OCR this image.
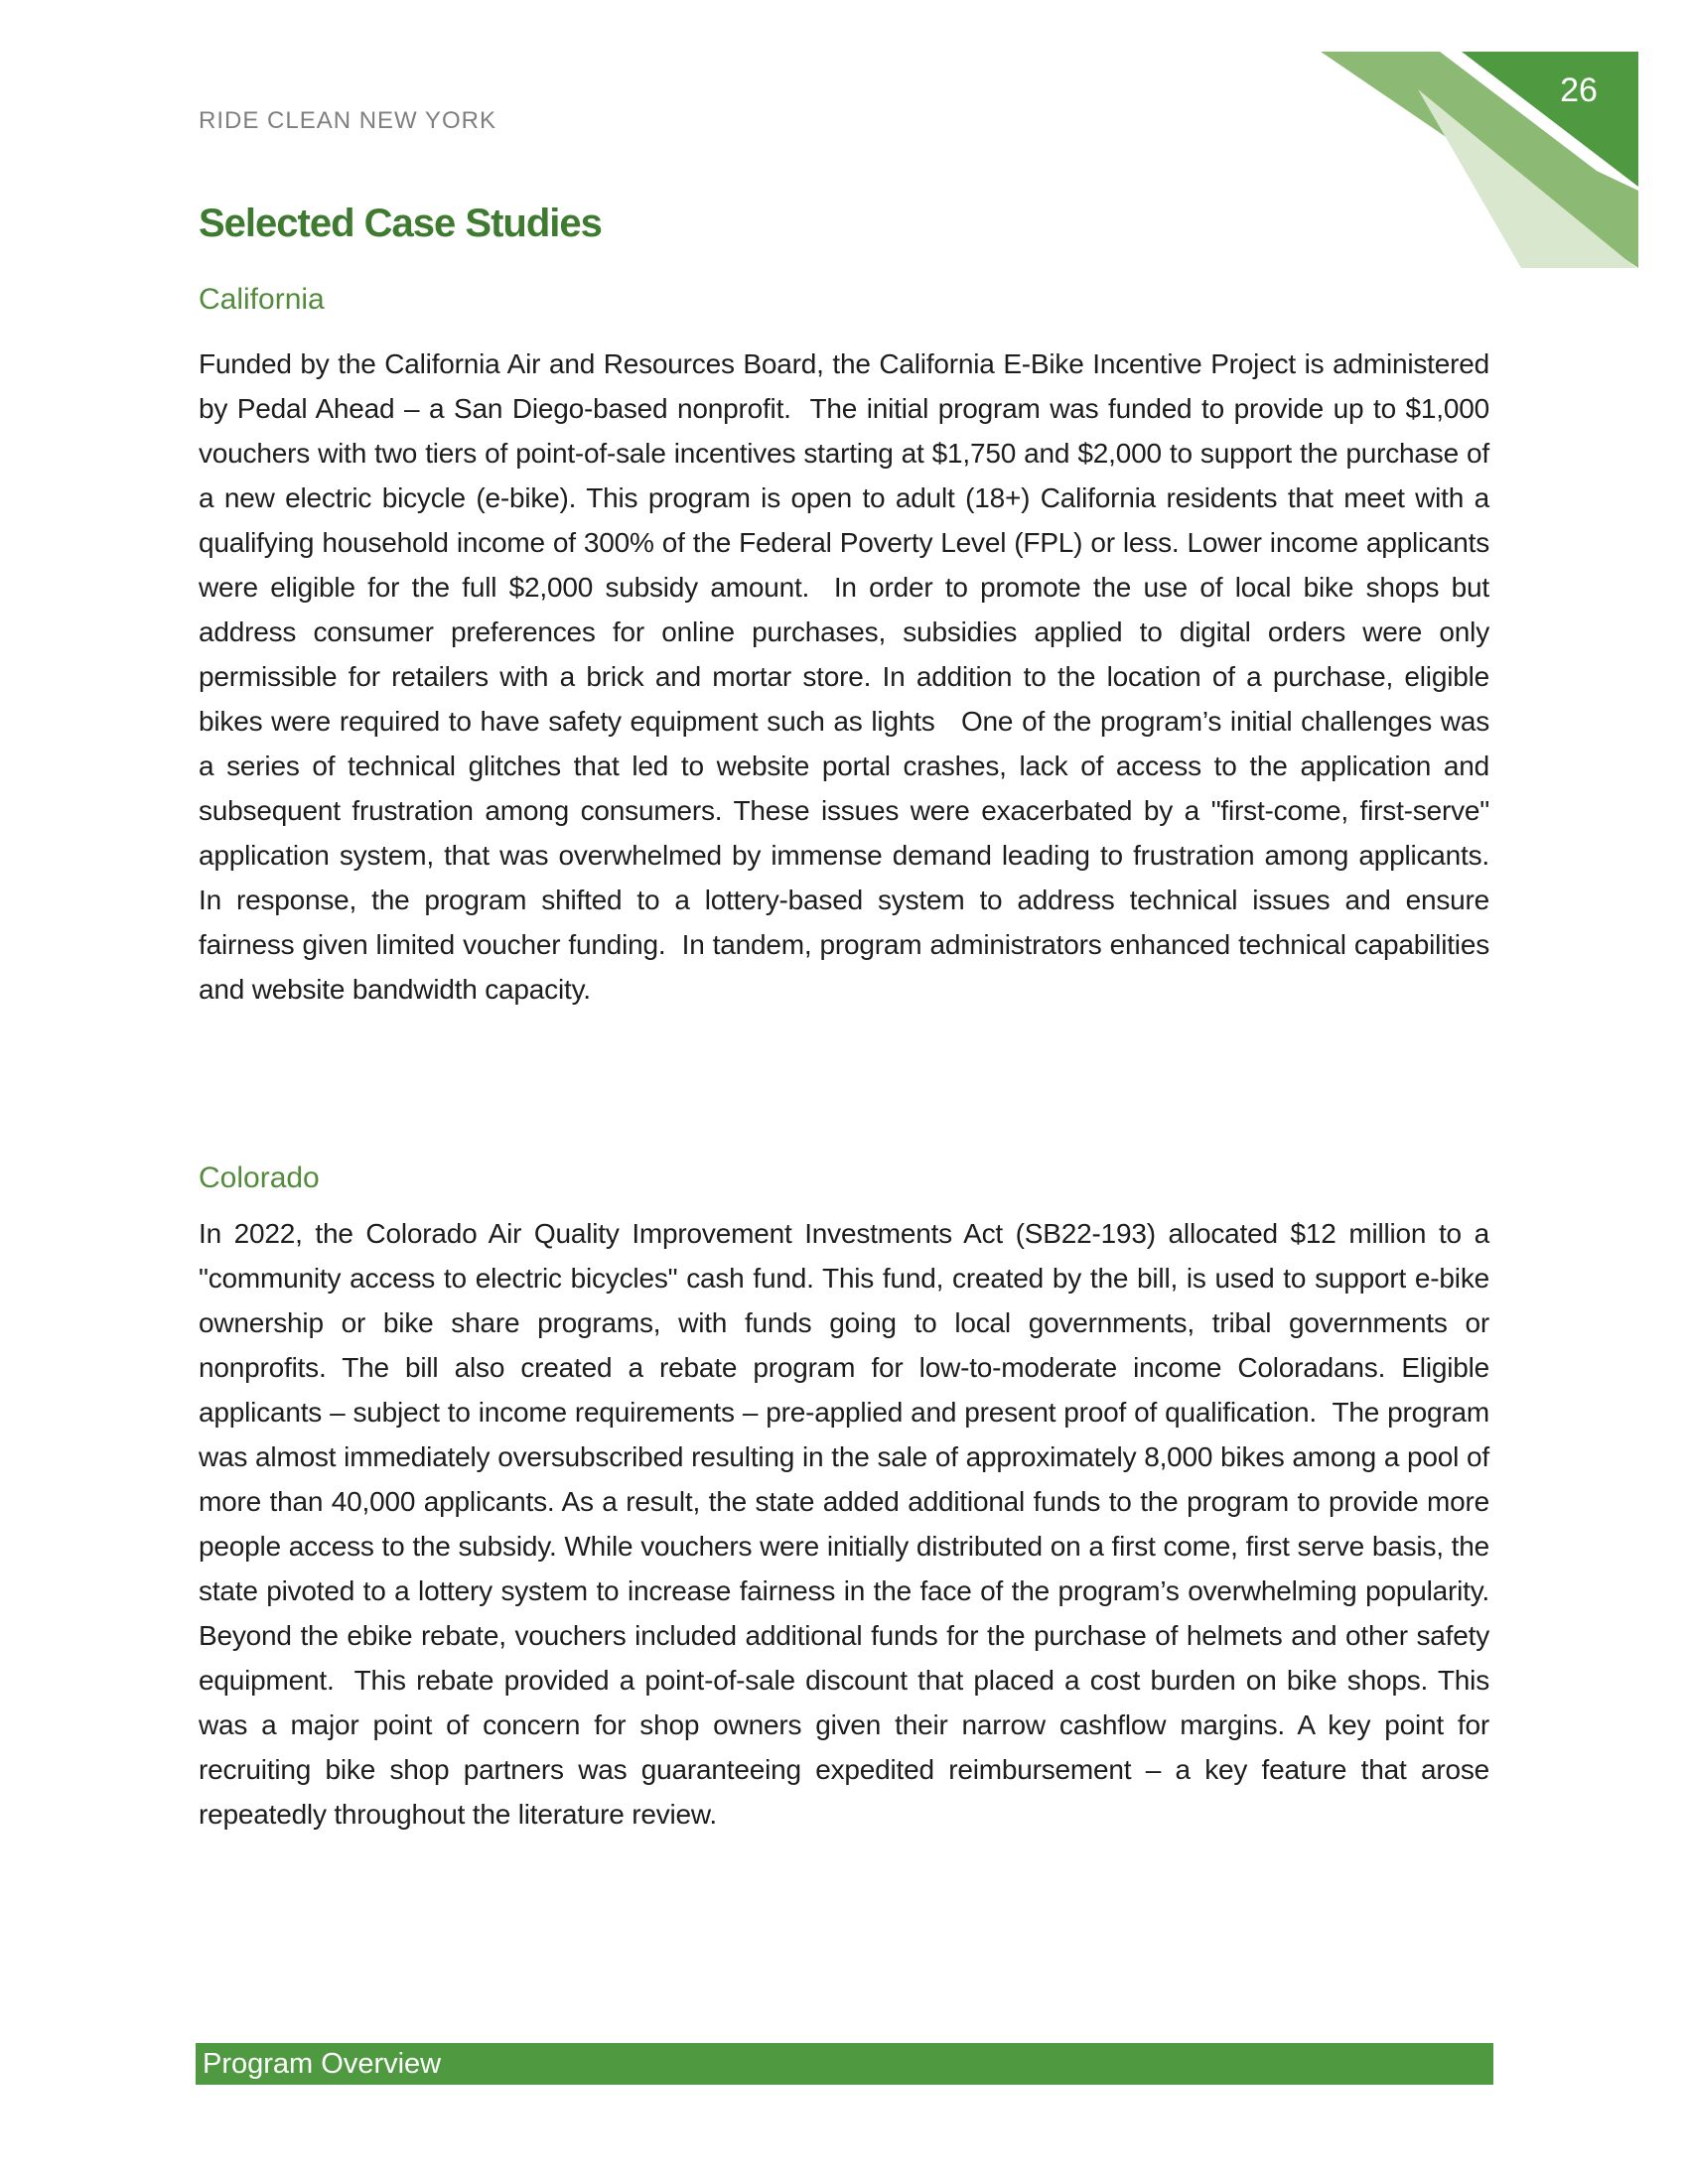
RIDE CLEAN NEW YORK
26
Selected Case Studies
California

Funded by the California Air and Resources Board, the California E-Bike Incentive Project is administered by Pedal Ahead – a San Diego-based nonprofit.  The initial program was funded to provide up to $1,000 vouchers with two tiers of point-of-sale incentives starting at $1,750 and $2,000 to support the purchase of a new electric bicycle (e-bike). This program is open to adult (18+) California residents that meet with a qualifying household income of 300% of the Federal Poverty Level (FPL) or less. Lower income applicants were eligible for the full $2,000 subsidy amount.  In order to promote the use of local bike shops but address consumer preferences for online purchases, subsidies applied to digital orders were only permissible for retailers with a brick and mortar store. In addition to the location of a purchase, eligible bikes were required to have safety equipment such as lights   One of the program’s initial challenges was a series of technical glitches that led to website portal crashes, lack of access to the application and subsequent frustration among consumers. These issues were exacerbated by a "first-come, first-serve" application system, that was overwhelmed by immense demand leading to frustration among applicants.  In response, the program shifted to a lottery-based system to address technical issues and ensure fairness given limited voucher funding.  In tandem, program administrators enhanced technical capabilities and website bandwidth capacity.

Colorado

In 2022, the Colorado Air Quality Improvement Investments Act (SB22-193) allocated $12 million to a "community access to electric bicycles" cash fund. This fund, created by the bill, is used to support e-bike ownership or bike share programs, with funds going to local governments, tribal governments or nonprofits. The bill also created a rebate program for low-to-moderate income Coloradans. Eligible applicants – subject to income requirements – pre-applied and present proof of qualification.  The program was almost immediately oversubscribed resulting in the sale of approximately 8,000 bikes among a pool of more than 40,000 applicants. As a result, the state added additional funds to the program to provide more people access to the subsidy. While vouchers were initially distributed on a first come, first serve basis, the state pivoted to a lottery system to increase fairness in the face of the program’s overwhelming popularity.  Beyond the ebike rebate, vouchers included additional funds for the purchase of helmets and other safety equipment.  This rebate provided a point-of-sale discount that placed a cost burden on bike shops. This was a major point of concern for shop owners given their narrow cashflow margins. A key point for recruiting bike shop partners was guaranteeing expedited reimbursement – a key feature that arose repeatedly throughout the literature review.

Program Overview
